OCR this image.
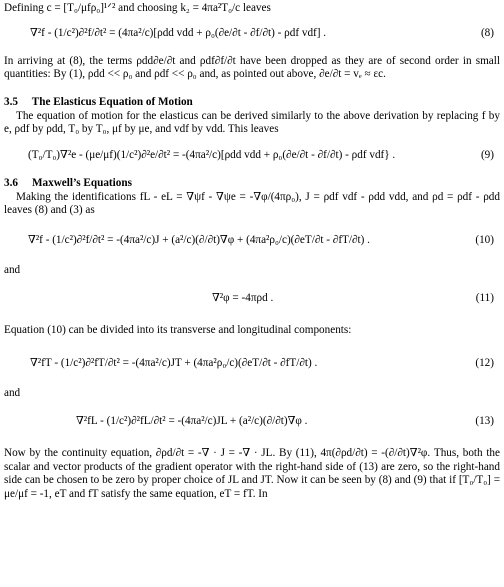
Defining c = [T₀/μfρ₀]¹ᐟ² and choosing k₂ = 4πa²T₀/c leaves

∇²f - (1/c²)∂²f/∂t² = (4πa²/c)[ρdd vdd + ρ₀(∂e/∂t - ∂f/∂t) - ρdf vdf] .	(8)

In arriving at (8), the terms ρdd∂e/∂t and ρdf∂f/∂t have been dropped as they are of second order in small quantities: By (1), ρdd << ρ₀ and ρdf << ρ₀ and, as pointed out above, ∂e/∂t = vₑ ≈ εc.

3.5 The Elasticus Equation of Motion

The equation of motion for the elasticus can be derived similarly to the above derivation by replacing f by e, ρdf by ρdd, T₀ by T₀, μf by μe, and vdf by vdd. This leaves

(T₀/T₀)∇²e - (μe/μf)(1/c²)∂²e/∂t² = -(4πa²/c)[ρdd vdd + ρ₀(∂e/∂t - ∂f/∂t) - ρdf vdf} .	(9)

3.6 Maxwell’s Equations

Making the identifications fL - eL = ∇ψf - ∇ψe = -∇φ/(4πρ₀), J = ρdf vdf - ρdd vdd, and ρd = ρdf - ρdd leaves (8) and (3) as

∇²f - (1/c²)∂²f/∂t² = -(4πa²/c)J + (a²/c)(∂/∂t)∇φ + (4πa²ρ₀/c)(∂eT/∂t - ∂fT/∂t) .	(10)

and

∇²φ = -4πρd .	(11)

Equation (10) can be divided into its transverse and longitudinal components:

∇²fT - (1/c²)∂²fT/∂t² = -(4πa²/c)JT + (4πa²ρ₀/c)(∂eT/∂t - ∂fT/∂t) .	(12)

and

∇²fL - (1/c²)∂²fL/∂t² = -(4πa²/c)JL + (a²/c)(∂/∂t)∇φ .	(13)

Now by the continuity equation, ∂ρd/∂t = -∇ · J = -∇ · JL. By (11), 4π(∂ρd/∂t) = -(∂/∂t)∇²φ. Thus, both the scalar and vector products of the gradient operator with the right-hand side of (13) are zero, so the right-hand side can be chosen to be zero by proper choice of JL and JT. Now it can be seen by (8) and (9) that if [T₀/T₀] = μe/μf = -1, eT and fT satisfy the same equation, eT = fT. In
